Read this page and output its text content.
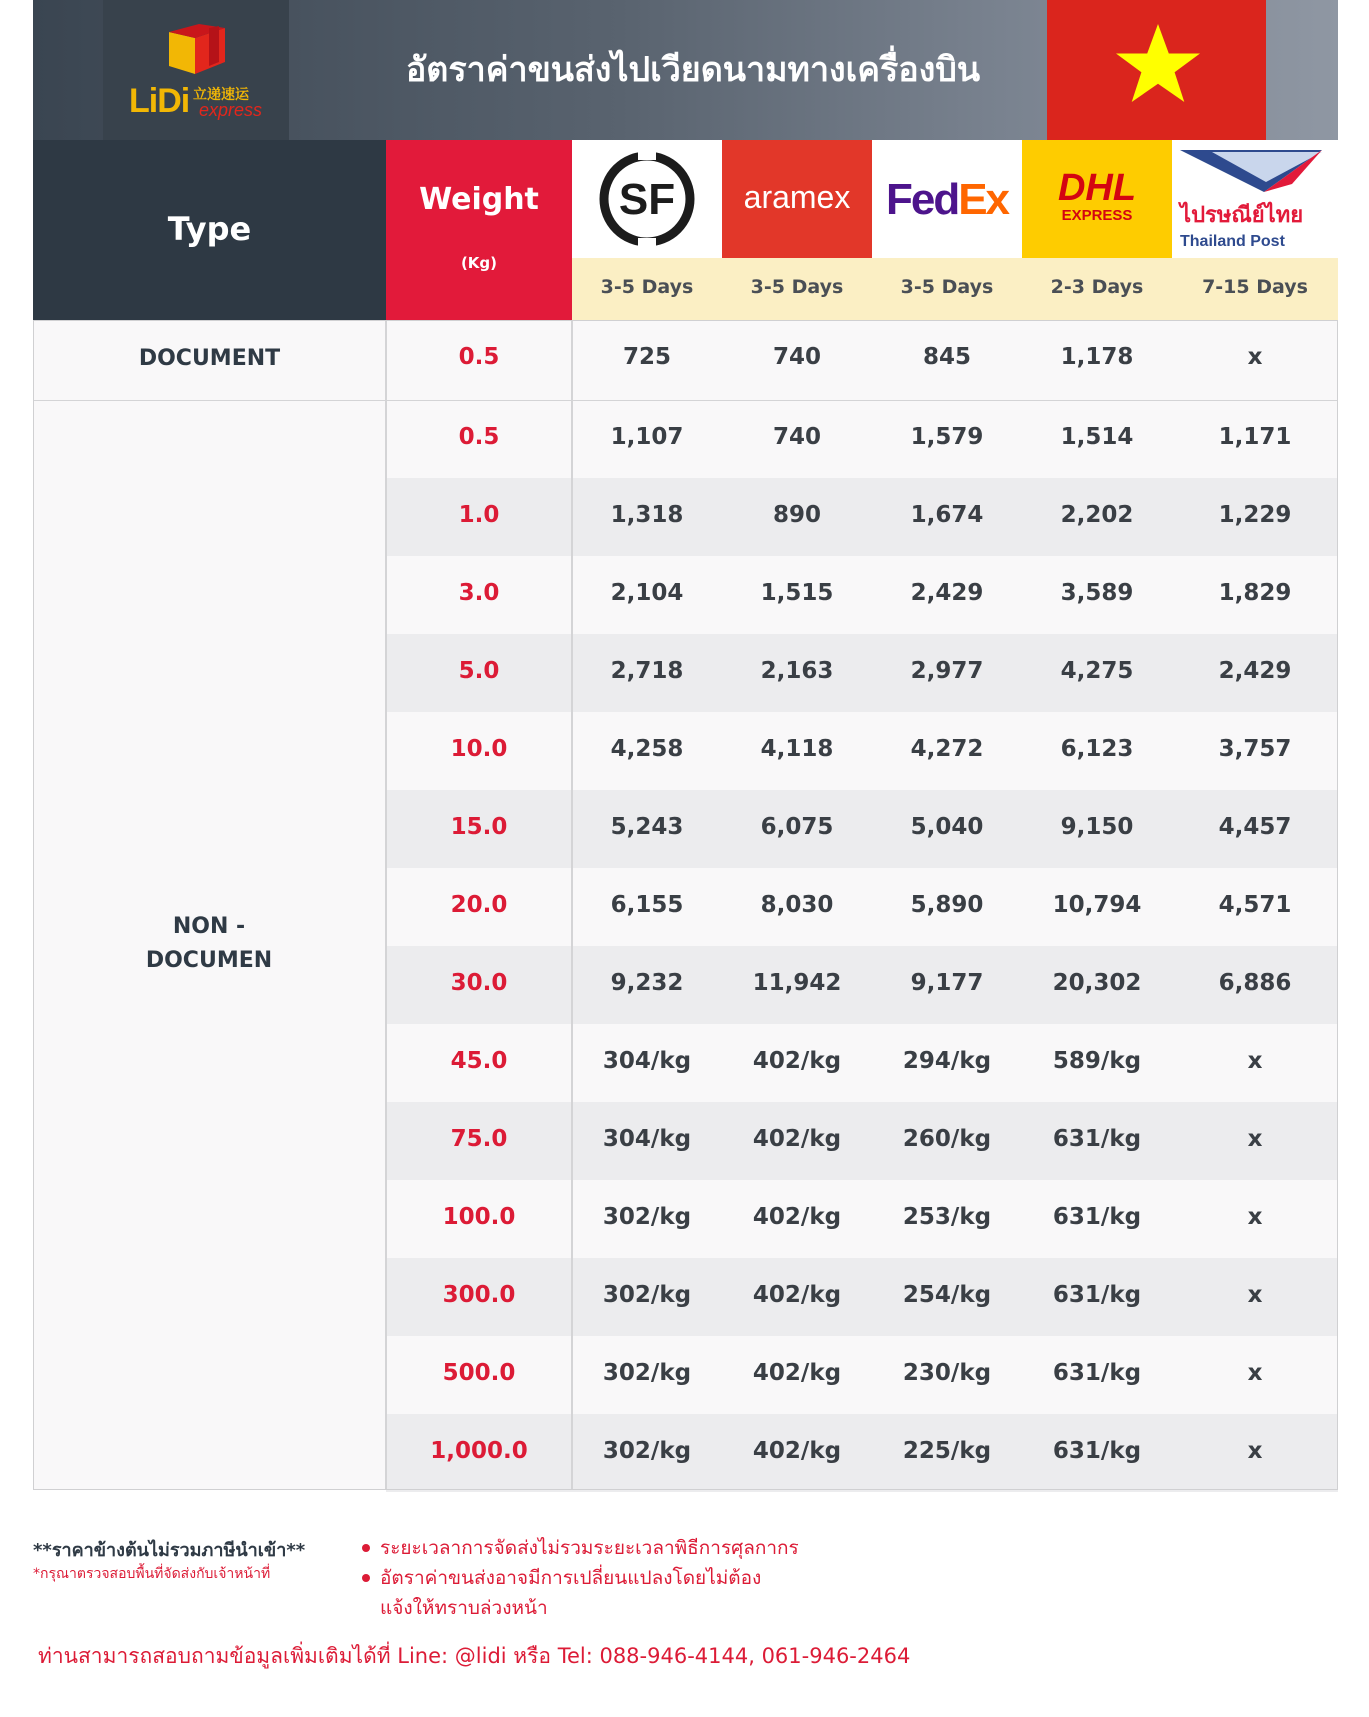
LiDi 立递速运
express
อัตราค่าขนส่งไปเวียดนามทางเครื่องบิน
Type
Weight
(Kg)
SF aramex FedEx DHL
EXPRESS ไปรษณีย์ไทย
Thailand Post
3-5 Days	3-5 Days	3-5 Days	2-3 Days	7-15 Days
DOCUMENT
NON -
DOCUMEN
0.5	725	740	845	1,178	x
0.5	1,107	740	1,579	1,514	1,171
1.0	1,318	890	1,674	2,202	1,229
3.0	2,104	1,515	2,429	3,589	1,829
5.0	2,718	2,163	2,977	4,275	2,429
10.0	4,258	4,118	4,272	6,123	3,757
15.0	5,243	6,075	5,040	9,150	4,457
20.0	6,155	8,030	5,890	10,794	4,571
30.0	9,232	11,942	9,177	20,302	6,886
45.0	304/kg	402/kg	294/kg	589/kg	x
75.0	304/kg	402/kg	260/kg	631/kg	x
100.0	302/kg	402/kg	253/kg	631/kg	x
300.0	302/kg	402/kg	254/kg	631/kg	x
500.0	302/kg	402/kg	230/kg	631/kg	x
1,000.0	302/kg	402/kg	225/kg	631/kg	x
**ราคาข้างต้นไม่รวมภาษีนำเข้า**
*กรุณาตรวจสอบพื้นที่จัดส่งกับเจ้าหน้าที่
ระยะเวลาการจัดส่งไม่รวมระยะเวลาพิธีการศุลกากร
อัตราค่าขนส่งอาจมีการเปลี่ยนแปลงโดยไม่ต้อง
แจ้งให้ทราบล่วงหน้า
ท่านสามารถสอบถามข้อมูลเพิ่มเติมได้ที่ Line: @lidi หรือ Tel: 088-946-4144, 061-946-2464
